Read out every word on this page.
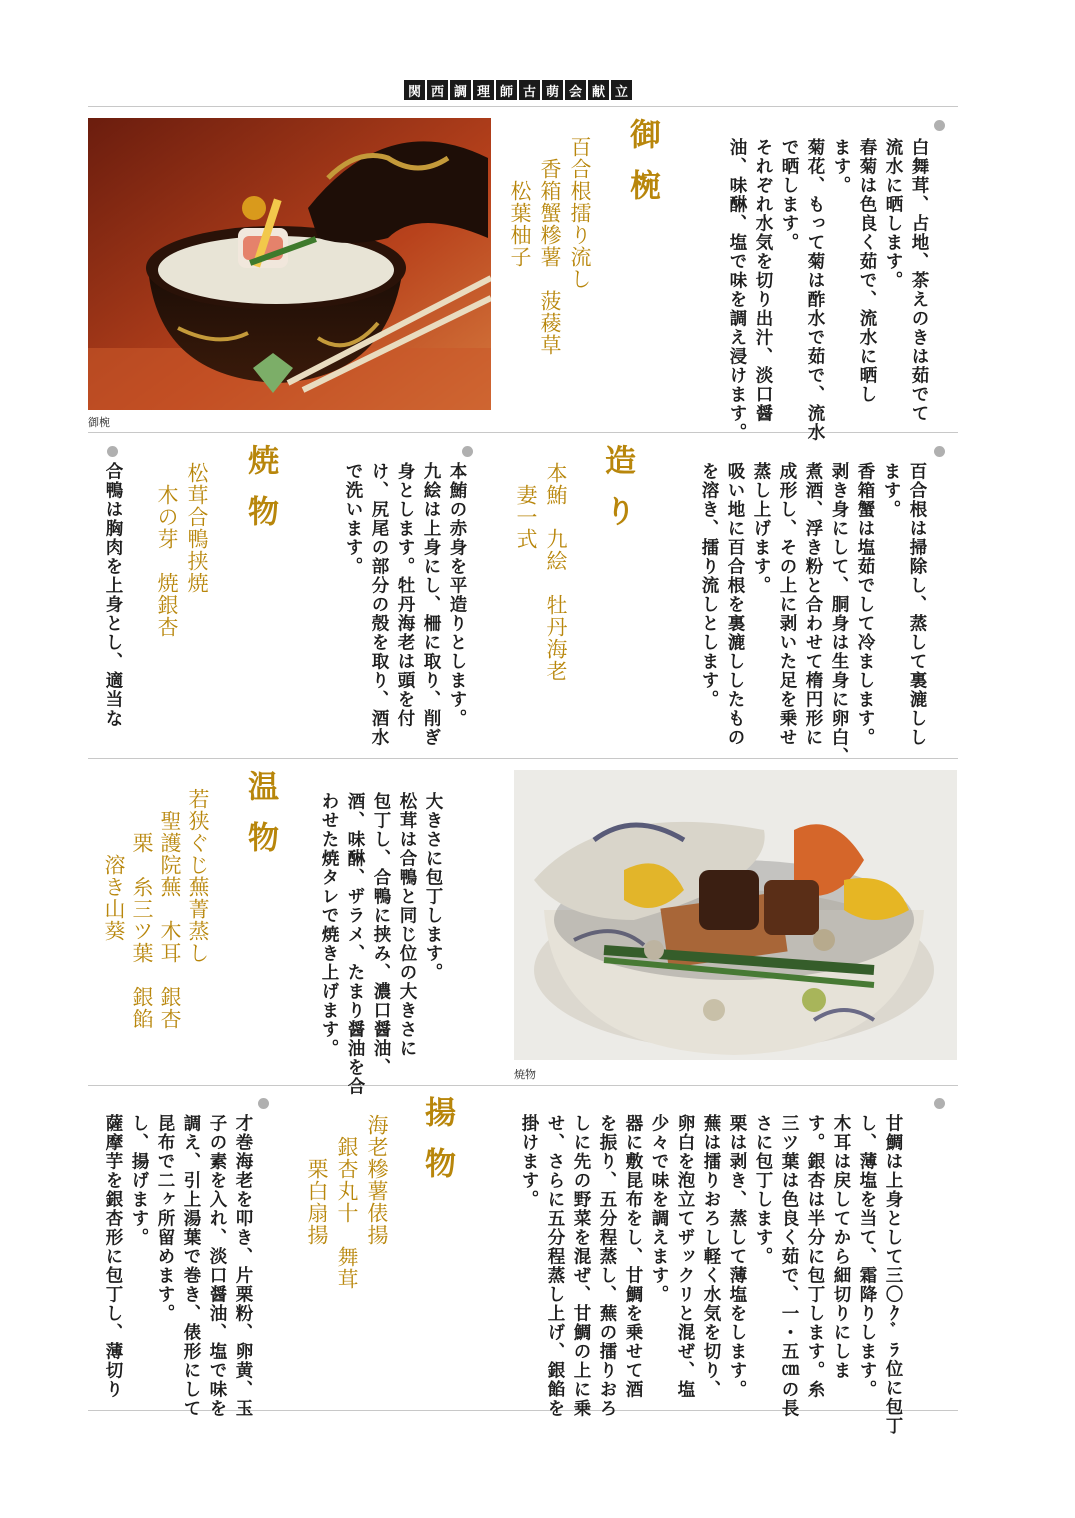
関 西 調 理 師 古 萌 会 献 立
御椀
御椀
百合根擂り流し
香箱蟹糝薯　菠薐草
松葉柚子	白舞茸、占地、茶えのきは茹でて
流水に晒します。
春菊は色良く茹で、流水に晒し
ます。
菊花、もって菊は酢水で茹で、流水
で晒します。
それぞれ水気を切り出汁、淡口醤
油、味醂、塩で味を調え浸けます。
百合根は掃除し、蒸して裏漉しし
ます。
香箱蟹は塩茹でして冷まします。
剥き身にして、胴身は生身に卵白、
煮酒、浮き粉と合わせて楕円形に
成形し、その上に剥いた足を乗せ
蒸し上げます。
吸い地に百合根を裏漉ししたもの
を溶き、擂り流しとします。
造り
本鮪　九絵　牡丹海老
妻一式
本鮪の赤身を平造りとします。
九絵は上身にし、柵に取り、削ぎ
身とします。牡丹海老は頭を付
け、尻尾の部分の殻を取り、酒水
で洗います。
焼物
松茸合鴨挟焼
木の芽　焼銀杏
合鴨は胸肉を上身とし、適当な
焼物
大きさに包丁します。
松茸は合鴨と同じ位の大きさに
包丁し、合鴨に挟み、濃口醤油、
酒、味醂、ザラメ、たまり醤油を合
わせた焼タレで焼き上げます。
温物
若狭ぐじ蕪菁蒸し
聖護院蕪　木耳　銀杏
栗　糸三ツ葉　銀餡
溶き山葵
甘鯛は上身として三〇ｸﾞﾗ位に包丁
し、薄塩を当て、霜降りします。
木耳は戻してから細切りにしま
す。銀杏は半分に包丁します。糸
三ツ葉は色良く茹で、一・五㎝の長
さに包丁します。
栗は剥き、蒸して薄塩をします。
蕪は擂りおろし軽く水気を切り、
卵白を泡立てザックリと混ぜ、塩
少々で味を調えます。
器に敷昆布をし、甘鯛を乗せて酒
を振り、五分程蒸し、蕪の擂りおろ
しに先の野菜を混ぜ、甘鯛の上に乗
せ、さらに五分程蒸し上げ、銀餡を
掛けます。
揚物
海老糝薯俵揚
銀杏丸十　舞茸
栗白扇揚
才巻海老を叩き、片栗粉、卵黄、玉
子の素を入れ、淡口醤油、塩で味を
調え、引上湯葉で巻き、俵形にして
昆布で二ヶ所留めます。
し、揚げます。
薩摩芋を銀杏形に包丁し、薄切り
